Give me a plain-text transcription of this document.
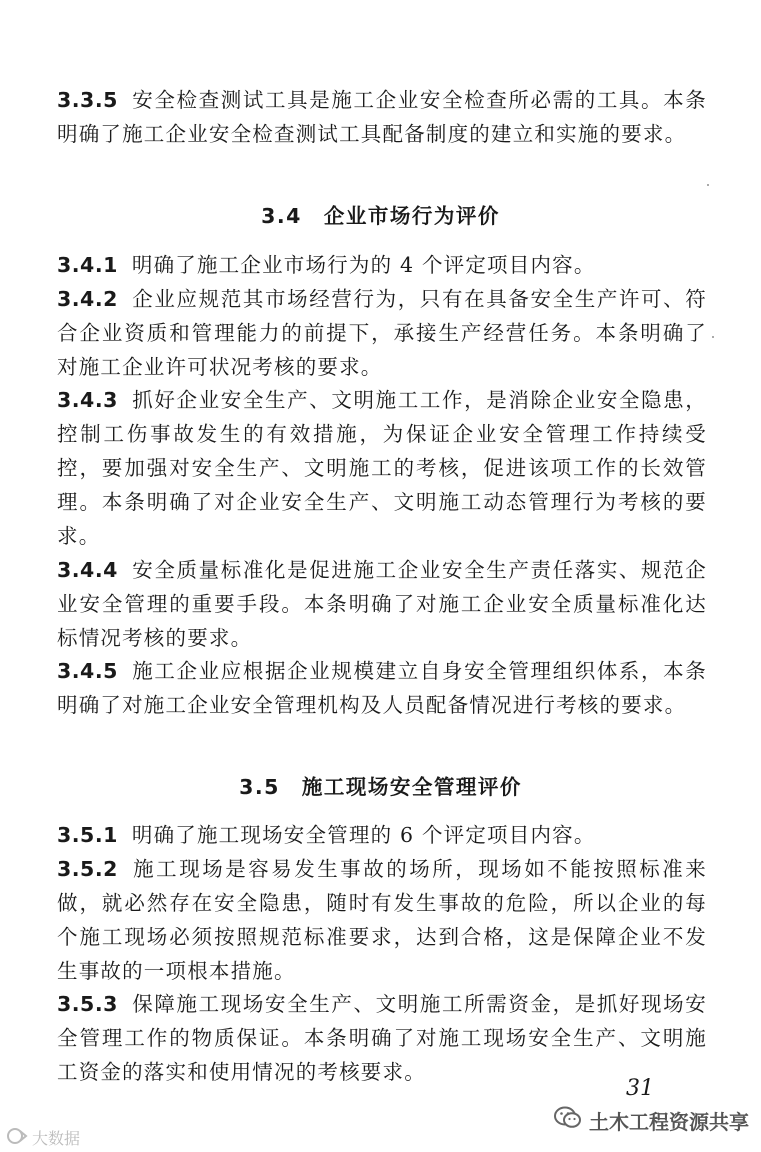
3.3.5 安全检查测试工具是施工企业安全检查所必需的工具。本条明确了施工企业安全检查测试工具配备制度的建立和实施的要求。

3.4 企业市场行为评价

3.4.1 明确了施工企业市场行为的 4 个评定项目内容。

3.4.2 企业应规范其市场经营行为，只有在具备安全生产许可、符合企业资质和管理能力的前提下，承接生产经营任务。本条明确了对施工企业许可状况考核的要求。

3.4.3 抓好企业安全生产、文明施工工作，是消除企业安全隐患，控制工伤事故发生的有效措施，为保证企业安全管理工作持续受控，要加强对安全生产、文明施工的考核，促进该项工作的长效管理。本条明确了对企业安全生产、文明施工动态管理行为考核的要求。

3.4.4 安全质量标准化是促进施工企业安全生产责任落实、规范企业安全管理的重要手段。本条明确了对施工企业安全质量标准化达标情况考核的要求。

3.4.5 施工企业应根据企业规模建立自身安全管理组织体系，本条明确了对施工企业安全管理机构及人员配备情况进行考核的要求。

3.5 施工现场安全管理评价

3.5.1 明确了施工现场安全管理的 6 个评定项目内容。

3.5.2 施工现场是容易发生事故的场所，现场如不能按照标准来做，就必然存在安全隐患，随时有发生事故的危险，所以企业的每个施工现场必须按照规范标准要求，达到合格，这是保障企业不发生事故的一项根本措施。

3.5.3 保障施工现场安全生产、文明施工所需资金，是抓好现场安全管理工作的物质保证。本条明确了对施工现场安全生产、文明施工资金的落实和使用情况的考核要求。

31
土木工程资源共享
大数据
